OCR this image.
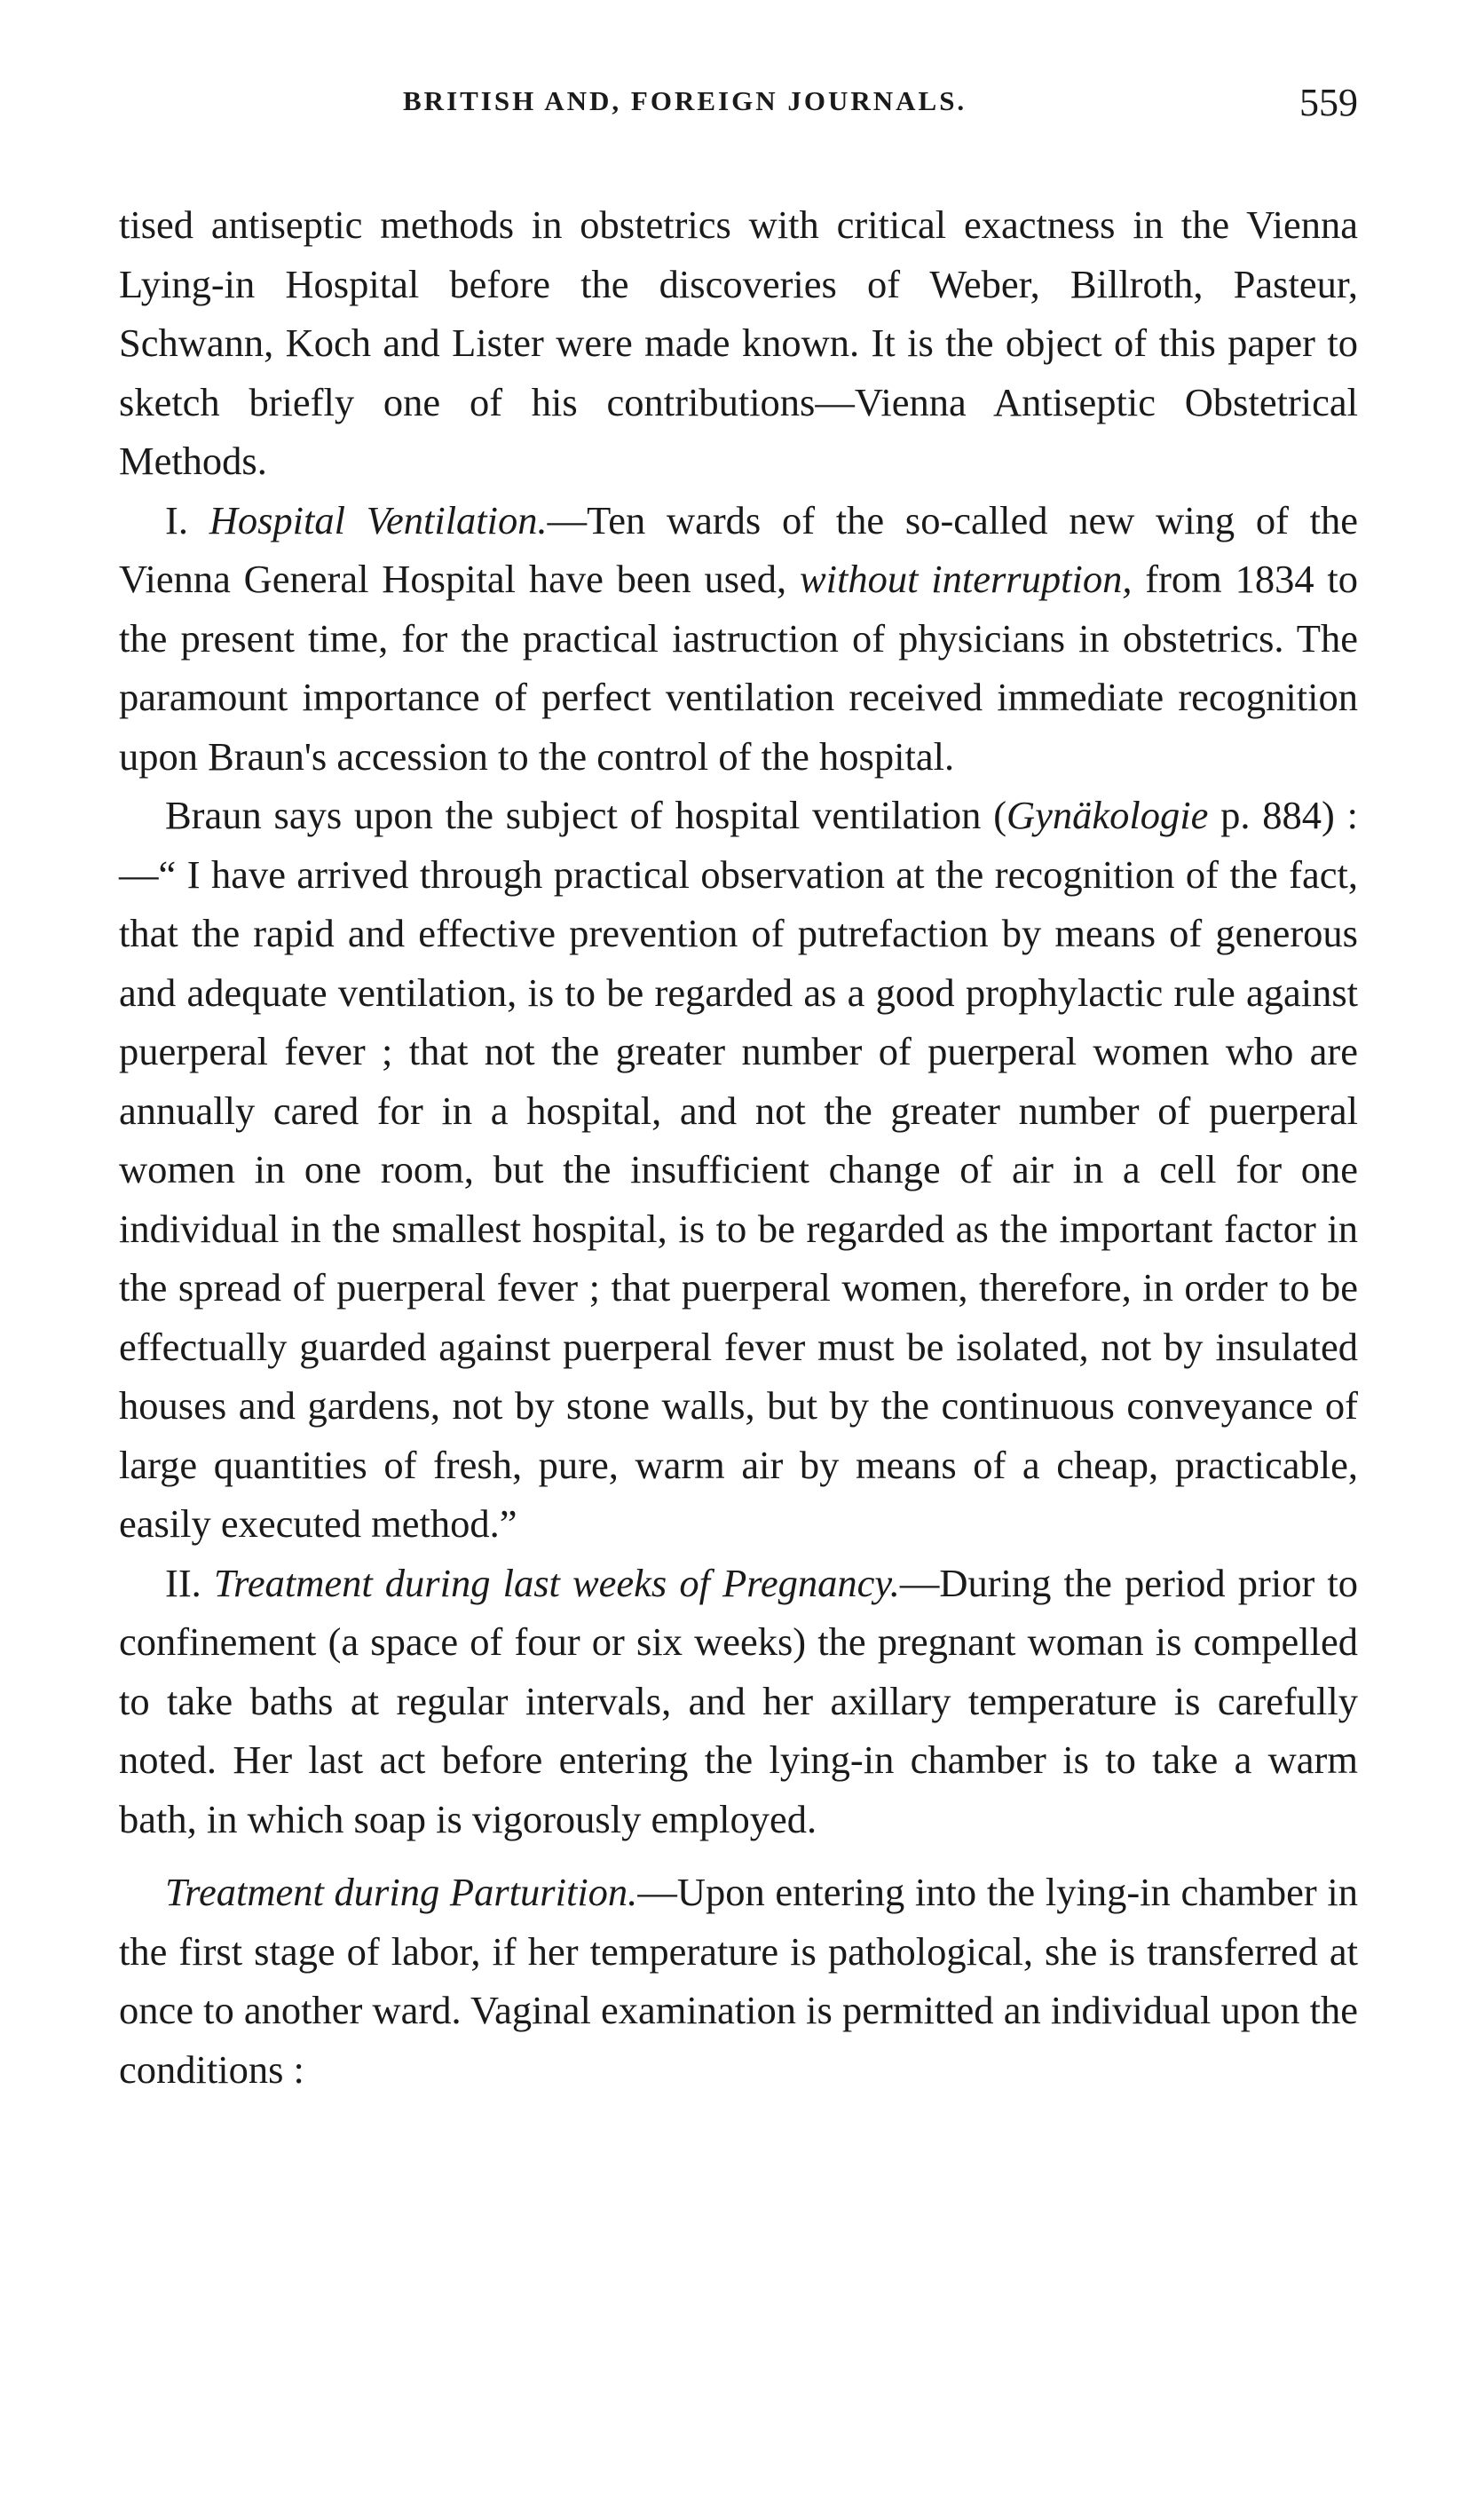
BRITISH AND, FOREIGN JOURNALS.	559

tised antiseptic methods in obstetrics with critical exactness in the Vienna Lying-in Hospital before the discoveries of Weber, Billroth, Pasteur, Schwann, Koch and Lister were made known. It is the object of this paper to sketch briefly one of his contributions—Vienna Antiseptic Obstetrical Methods.

I. Hospital Ventilation.—Ten wards of the so-called new wing of the Vienna General Hospital have been used, without interruption, from 1834 to the present time, for the practical iastruction of physicians in obstetrics. The paramount importance of perfect ventilation received immediate recognition upon Braun's accession to the control of the hospital.

Braun says upon the subject of hospital ventilation (Gynäkologie p. 884) :—“ I have arrived through practical observation at the recognition of the fact, that the rapid and effective prevention of putrefaction by means of generous and adequate ventilation, is to be regarded as a good prophylactic rule against puerperal fever ; that not the greater number of puerperal women who are annually cared for in a hospital, and not the greater number of puerperal women in one room, but the insufficient change of air in a cell for one individual in the smallest hospital, is to be regarded as the important factor in the spread of puerperal fever ; that puerperal women, therefore, in order to be effectually guarded against puerperal fever must be isolated, not by insulated houses and gardens, not by stone walls, but by the continuous conveyance of large quantities of fresh, pure, warm air by means of a cheap, practicable, easily executed method.”

II. Treatment during last weeks of Pregnancy.—During the period prior to confinement (a space of four or six weeks) the pregnant woman is compelled to take baths at regular intervals, and her axillary temperature is carefully noted. Her last act before entering the lying-in chamber is to take a warm bath, in which soap is vigorously employed.

Treatment during Parturition.—Upon entering into the lying-in chamber in the first stage of labor, if her temperature is pathological, she is transferred at once to another ward. Vaginal examination is permitted an individual upon the conditions :
